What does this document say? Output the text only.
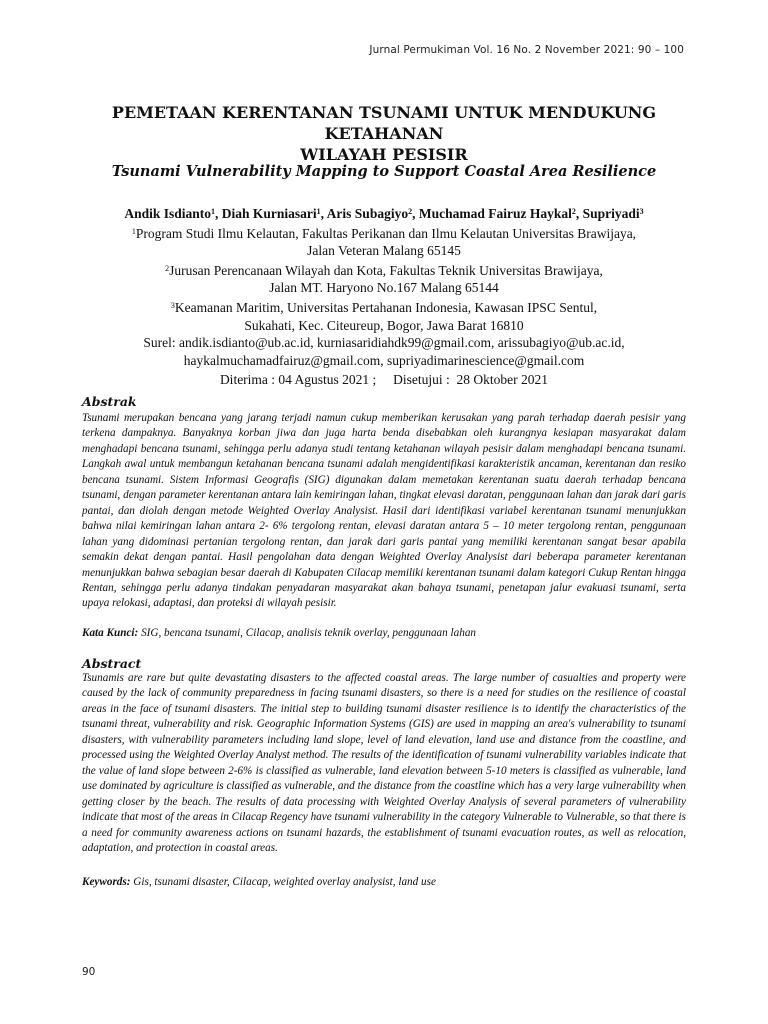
Jurnal Permukiman Vol. 16 No. 2 November 2021: 90 – 100
PEMETAAN KERENTANAN TSUNAMI UNTUK MENDUKUNG KETAHANAN
WILAYAH PESISIR
Tsunami Vulnerability Mapping to Support Coastal Area Resilience
Andik Isdianto$^1$, Diah Kurniasari$^1$, Aris Subagiyo$^2$, Muchamad Fairuz Haykal$^2$, Supriyadi$^3$
$^1$Program Studi Ilmu Kelautan, Fakultas Perikanan dan Ilmu Kelautan Universitas Brawijaya,
Jalan Veteran Malang 65145
$^2$Jurusan Perencanaan Wilayah dan Kota, Fakultas Teknik Universitas Brawijaya,
Jalan MT. Haryono No.167 Malang 65144
$^3$Keamanan Maritim, Universitas Pertahanan Indonesia, Kawasan IPSC Sentul,
Sukahati, Kec. Citeureup, Bogor, Jawa Barat 16810
Surel: andik.isdianto@ub.ac.id, kurniasaridiahdk99@gmail.com, arissubagiyo@ub.ac.id,
haykalmuchamadfairuz@gmail.com, supriyadimarinescience@gmail.com
Diterima : 04 Agustus 2021 ;     Disetujui :  28 Oktober 2021
Abstrak

Tsunami merupakan bencana yang jarang terjadi namun cukup memberikan kerusakan yang parah terhadap daerah pesisir yang terkena dampaknya. Banyaknya korban jiwa dan juga harta benda disebabkan oleh kurangnya kesiapan masyarakat dalam menghadapi bencana tsunami, sehingga perlu adanya studi tentang ketahanan wilayah pesisir dalam menghadapi bencana tsunami. Langkah awal untuk membangun ketahanan bencana tsunami adalah mengidentifikasi karakteristik ancaman, kerentanan dan resiko bencana tsunami. Sistem Informasi Geografis (SIG) digunakan dalam memetakan kerentanan suatu daerah terhadap bencana tsunami, dengan parameter kerentanan antara lain kemiringan lahan, tingkat elevasi daratan, penggunaan lahan dan jarak dari garis pantai, dan diolah dengan metode Weighted Overlay Analysist. Hasil dari identifikasi variabel kerentanan tsunami menunjukkan bahwa nilai kemiringan lahan antara 2- 6% tergolong rentan, elevasi daratan antara 5 – 10 meter tergolong rentan, penggunaan lahan yang didominasi pertanian tergolong rentan, dan jarak dari garis pantai yang memiliki kerentanan sangat besar apabila semakin dekat dengan pantai. Hasil pengolahan data dengan Weighted Overlay Analysist dari beberapa parameter kerentanan menunjukkan bahwa sebagian besar daerah di Kabupaten Cilacap memiliki kerentanan tsunami dalam kategori Cukup Rentan hingga Rentan, sehingga perlu adanya tindakan penyadaran masyarakat akan bahaya tsunami, penetapan jalur evakuasi tsunami, serta upaya relokasi, adaptasi, dan proteksi di wilayah pesisir.

Kata Kunci: SIG, bencana tsunami, Cilacap, analisis teknik overlay, penggunaan lahan
Abstract

Tsunamis are rare but quite devastating disasters to the affected coastal areas. The large number of casualties and property were caused by the lack of community preparedness in facing tsunami disasters, so there is a need for studies on the resilience of coastal areas in the face of tsunami disasters. The initial step to building tsunami disaster resilience is to identify the characteristics of the tsunami threat, vulnerability and risk. Geographic Information Systems (GIS) are used in mapping an area's vulnerability to tsunami disasters, with vulnerability parameters including land slope, level of land elevation, land use and distance from the coastline, and processed using the Weighted Overlay Analyst method. The results of the identification of tsunami vulnerability variables indicate that the value of land slope between 2-6% is classified as vulnerable, land elevation between 5-10 meters is classified as vulnerable, land use dominated by agriculture is classified as vulnerable, and the distance from the coastline which has a very large vulnerability when getting closer by the beach. The results of data processing with Weighted Overlay Analysis of several parameters of vulnerability indicate that most of the areas in Cilacap Regency have tsunami vulnerability in the category Vulnerable to Vulnerable, so that there is a need for community awareness actions on tsunami hazards, the establishment of tsunami evacuation routes, as well as relocation, adaptation, and protection in coastal areas.

Keywords: Gis, tsunami disaster, Cilacap, weighted overlay analysist, land use
90
